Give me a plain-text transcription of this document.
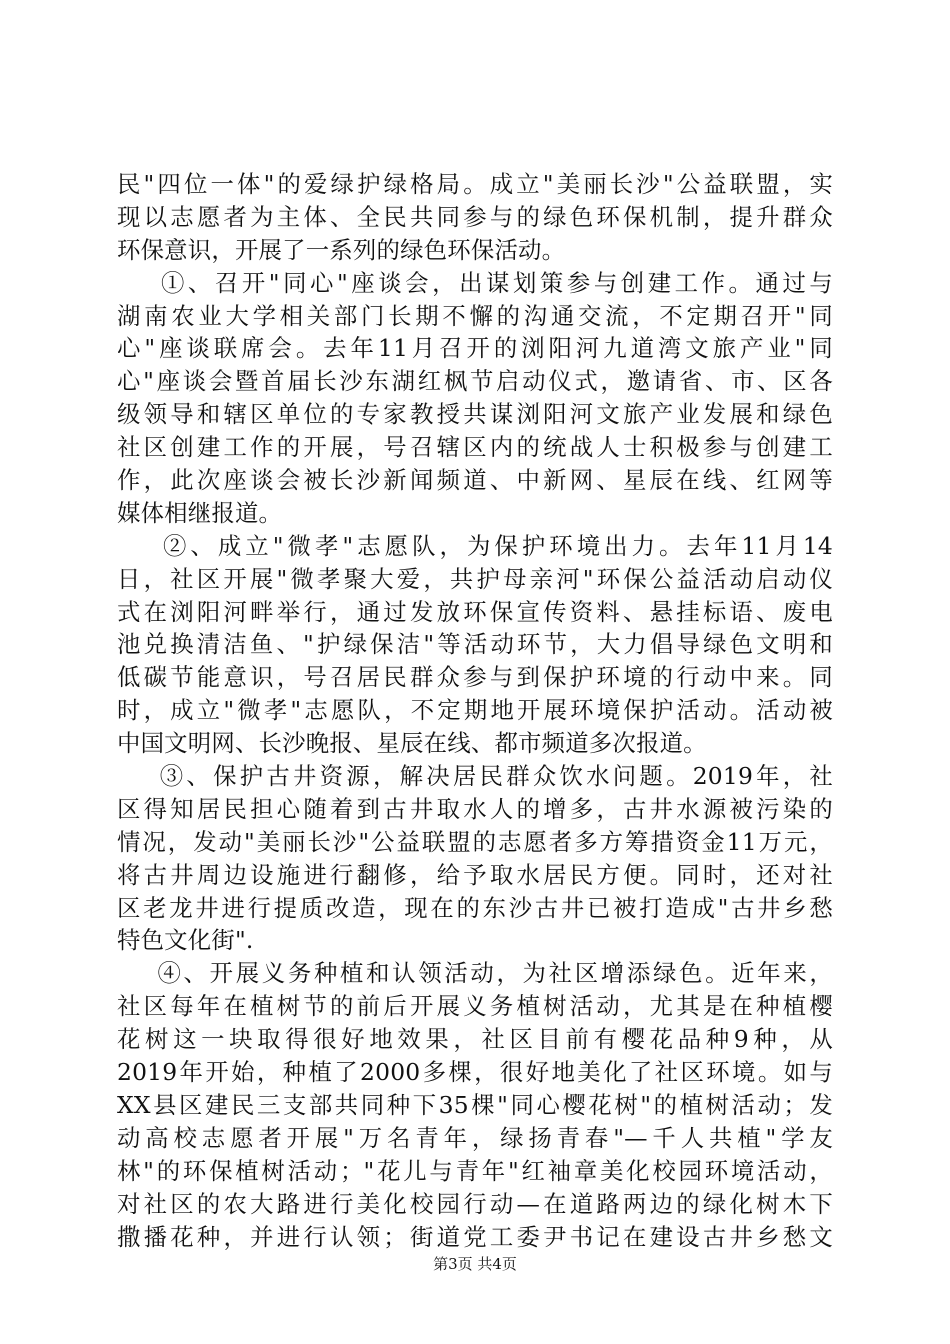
民"四位一体"的爱绿护绿格局。成立"美丽长沙"公益联盟，实
现以志愿者为主体、全民共同参与的绿色环保机制，提升群众
环保意识，开展了一系列的绿色环保活动。
①、召开"同心"座谈会，出谋划策参与创建工作。通过与
湖南农业大学相关部门长期不懈的沟通交流，不定期召开"同
心"座谈联席会。去年11月召开的浏阳河九道湾文旅产业"同
心"座谈会暨首届长沙东湖红枫节启动仪式，邀请省、市、区各
级领导和辖区单位的专家教授共谋浏阳河文旅产业发展和绿色
社区创建工作的开展，号召辖区内的统战人士积极参与创建工
作，此次座谈会被长沙新闻频道、中新网、星辰在线、红网等
媒体相继报道。
②、成立"微孝"志愿队，为保护环境出力。去年11月14
日，社区开展"微孝聚大爱，共护母亲河"环保公益活动启动仪
式在浏阳河畔举行，通过发放环保宣传资料、悬挂标语、废电
池兑换清洁鱼、"护绿保洁"等活动环节，大力倡导绿色文明和
低碳节能意识，号召居民群众参与到保护环境的行动中来。同
时，成立"微孝"志愿队，不定期地开展环境保护活动。活动被
中国文明网、长沙晚报、星辰在线、都市频道多次报道。
③、保护古井资源，解决居民群众饮水问题。2019年，社
区得知居民担心随着到古井取水人的增多，古井水源被污染的
情况，发动"美丽长沙"公益联盟的志愿者多方筹措资金11万元，
将古井周边设施进行翻修，给予取水居民方便。同时，还对社
区老龙井进行提质改造，现在的东沙古井已被打造成"古井乡愁
特色文化街".
④、开展义务种植和认领活动，为社区增添绿色。近年来，
社区每年在植树节的前后开展义务植树活动，尤其是在种植樱
花树这一块取得很好地效果，社区目前有樱花品种9种，从
2019年开始，种植了2000多棵，很好地美化了社区环境。如与
XX县区建民三支部共同种下35棵"同心樱花树"的植树活动；发
动高校志愿者开展"万名青年，绿扬青春"—千人共植"学友
林"的环保植树活动；"花儿与青年"红袖章美化校园环境活动，
对社区的农大路进行美化校园行动—在道路两边的绿化树木下
撒播花种，并进行认领；街道党工委尹书记在建设古井乡愁文
第3页 共4页
